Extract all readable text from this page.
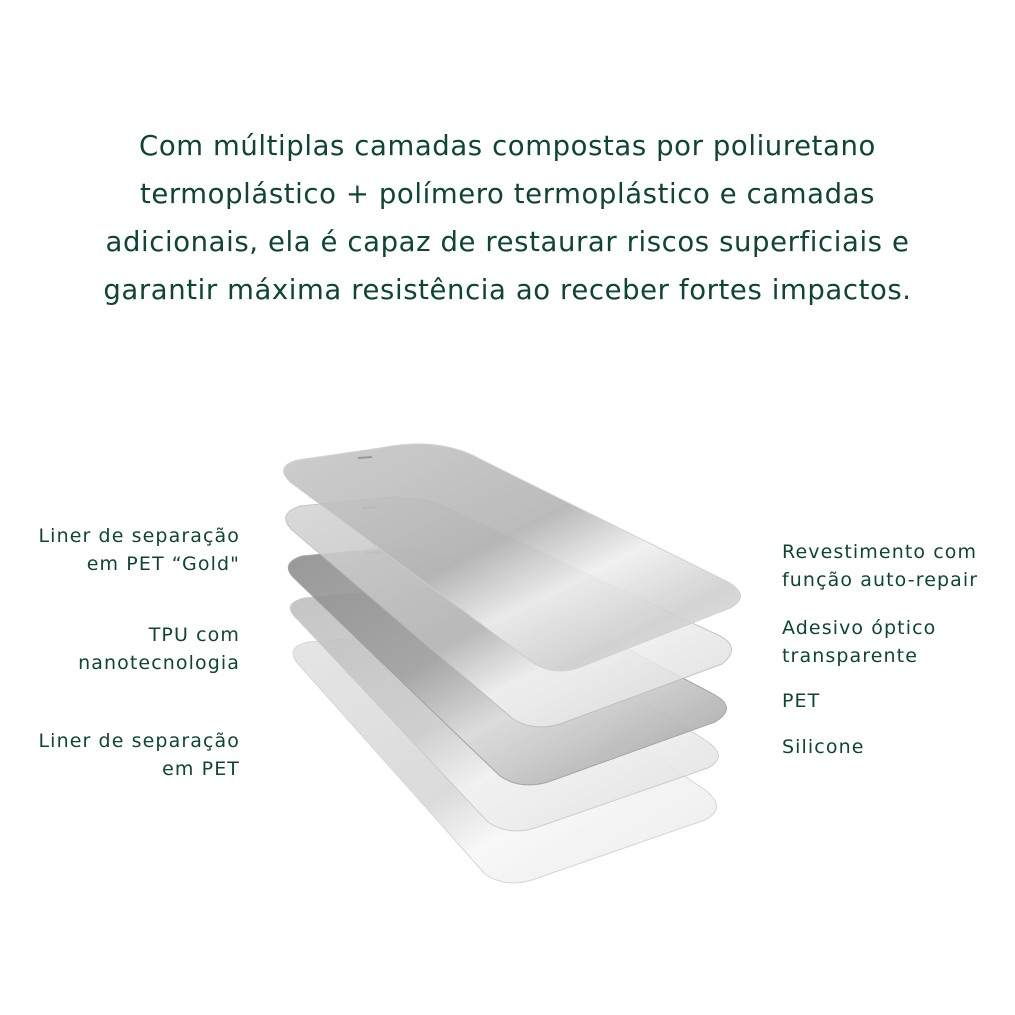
Com múltiplas camadas compostas por poliuretano
termoplástico + polímero termoplástico e camadas
adicionais, ela é capaz de restaurar riscos superficiais e
garantir máxima resistência ao receber fortes impactos.
Liner de separação
em PET “Gold"
TPU com
nanotecnologia
Liner de separação
em PET
Revestimento com
função auto-repair
Adesivo óptico
transparente
PET
Silicone
